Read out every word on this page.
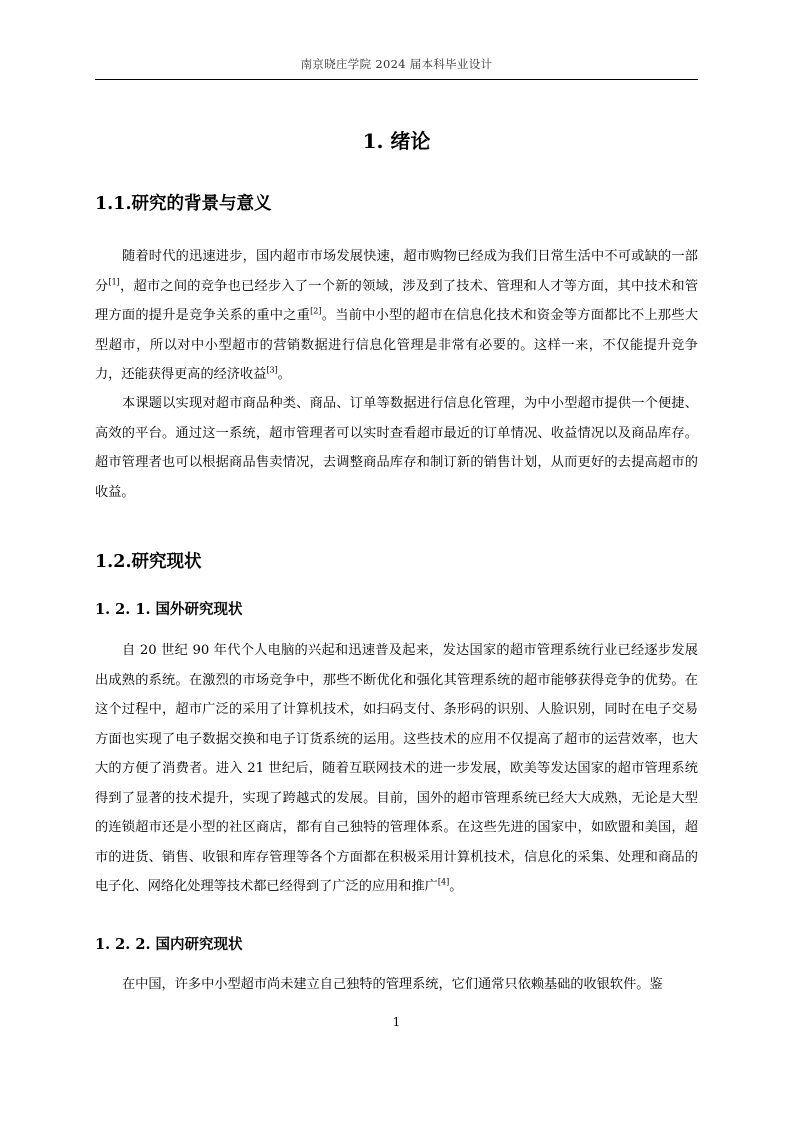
南京晓庄学院 2024 届本科毕业设计
1. 绪论
1.1.研究的背景与意义

随着时代的迅速进步，国内超市市场发展快速，超市购物已经成为我们日常生活中不可或缺的一部分[1]，超市之间的竞争也已经步入了一个新的领域，涉及到了技术、管理和人才等方面，其中技术和管理方面的提升是竞争关系的重中之重[2]。当前中小型的超市在信息化技术和资金等方面都比不上那些大型超市，所以对中小型超市的营销数据进行信息化管理是非常有必要的。这样一来，不仅能提升竞争力，还能获得更高的经济收益[3]。

本课题以实现对超市商品种类、商品、订单等数据进行信息化管理，为中小型超市提供一个便捷、高效的平台。通过这一系统，超市管理者可以实时查看超市最近的订单情况、收益情况以及商品库存。超市管理者也可以根据商品售卖情况，去调整商品库存和制订新的销售计划，从而更好的去提高超市的收益。

1.2.研究现状
1. 2. 1. 国外研究现状

自 20 世纪 90 年代个人电脑的兴起和迅速普及起来，发达国家的超市管理系统行业已经逐步发展出成熟的系统。在激烈的市场竞争中，那些不断优化和强化其管理系统的超市能够获得竞争的优势。在这个过程中，超市广泛的采用了计算机技术，如扫码支付、条形码的识别、人脸识别，同时在电子交易方面也实现了电子数据交换和电子订货系统的运用。这些技术的应用不仅提高了超市的运营效率，也大大的方便了消费者。进入 21 世纪后，随着互联网技术的进一步发展，欧美等发达国家的超市管理系统得到了显著的技术提升，实现了跨越式的发展。目前，国外的超市管理系统已经大大成熟，无论是大型的连锁超市还是小型的社区商店，都有自己独特的管理体系。在这些先进的国家中，如欧盟和美国，超市的进货、销售、收银和库存管理等各个方面都在积极采用计算机技术，信息化的采集、处理和商品的电子化、网络化处理等技术都已经得到了广泛的应用和推广[4]。

1. 2. 2. 国内研究现状

在中国，许多中小型超市尚未建立自己独特的管理系统，它们通常只依赖基础的收银软件。鉴

1
